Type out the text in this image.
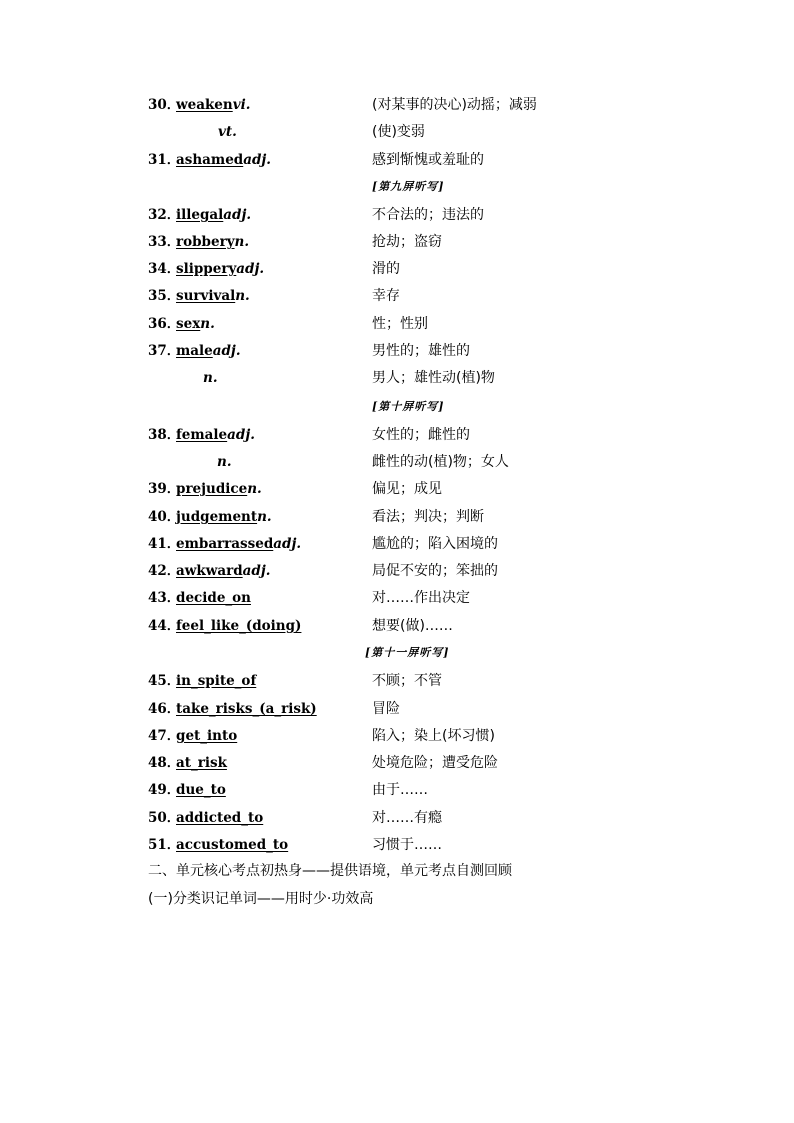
30．
weakenvi.	(对某事的决心)动摇；减弱
vt.	(使)变弱
31．
ashamedadj.	感到惭愧或羞耻的
[第九屏听写]
32．
illegaladj.	不合法的；违法的
33．
robberyn.	抢劫；盗窃
34．
slipperyadj.	滑的
35．
survivaln.	幸存
36．
sexn.	性；性别
37．
maleadj.	男性的；雄性的
n.	男人；雄性动(植)物
[第十屏听写]
38．
femaleadj.	女性的；雌性的
n.	雌性的动(植)物；女人
39．
prejudicen.	偏见；成见
40．
judgementn.	看法；判决；判断
41．
embarrassedadj.	尴尬的；陷入困境的
42．
awkwardadj.	局促不安的；笨拙的
43．
decide_on	对……作出决定
44．
feel_like_(doing)	想要(做)……
[第十一屏听写]
45．
in_spite_of	不顾；不管
46．
take_risks_(a_risk)	冒险
47．
get_into	陷入；染上(坏习惯)
48．
at_risk	处境危险；遭受危险
49．
due_to	由于……
50．
addicted_to	对……有瘾
51．
accustomed_to	习惯于……
二、单元核心考点初热身——提供语境，单元考点自测回顾
(一)分类识记单词——用时少·功效高
